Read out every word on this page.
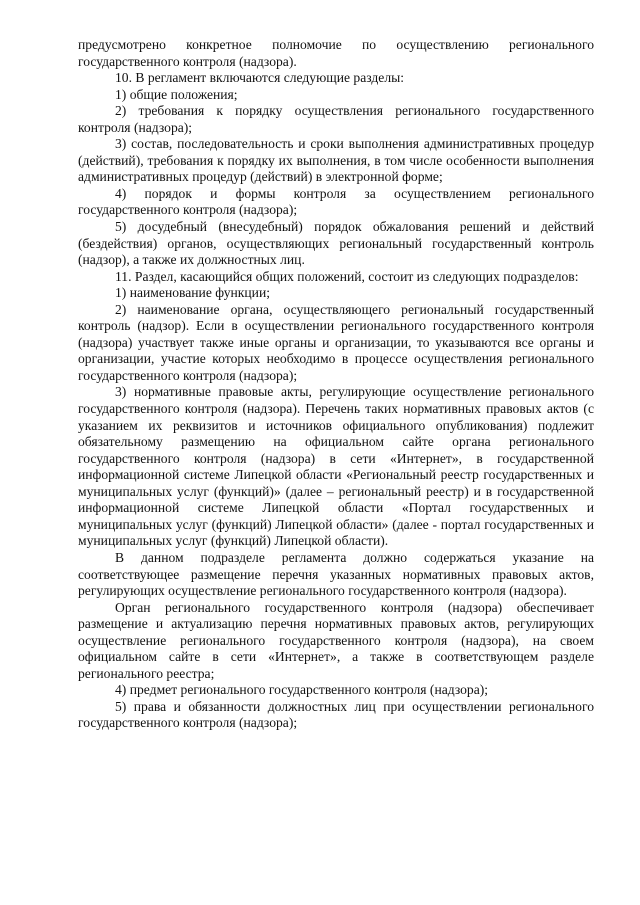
предусмотрено конкретное полномочие по осуществлению регионального государственного контроля (надзора).

10. В регламент включаются следующие разделы:

1) общие положения;

2) требования к порядку осуществления регионального государственного контроля (надзора);

3) состав, последовательность и сроки выполнения административных процедур (действий), требования к порядку их выполнения, в том числе особенности выполнения административных процедур (действий) в электронной форме;

4) порядок и формы контроля за осуществлением регионального государственного контроля (надзора);

5) досудебный (внесудебный) порядок обжалования решений и действий (бездействия) органов, осуществляющих региональный государственный контроль (надзор), а также их должностных лиц.

11. Раздел, касающийся общих положений, состоит из следующих подразделов:

1) наименование функции;

2) наименование органа, осуществляющего региональный государственный контроль (надзор). Если в осуществлении регионального государственного контроля (надзора) участвует также иные органы и организации, то указываются все органы и организации, участие которых необходимо в процессе осуществления регионального государственного контроля (надзора);

3) нормативные правовые акты, регулирующие осуществление регионального государственного контроля (надзора). Перечень таких нормативных правовых актов (с указанием их реквизитов и источников официального опубликования) подлежит обязательному размещению на официальном сайте органа регионального государственного контроля (надзора) в сети «Интернет», в государственной информационной системе Липецкой области «Региональный реестр государственных и муниципальных услуг (функций)» (далее – региональный реестр) и в государственной информационной системе Липецкой области «Портал государственных и муниципальных услуг (функций) Липецкой области» (далее - портал государственных и муниципальных услуг (функций) Липецкой области).

В данном подразделе регламента должно содержаться указание на соответствующее размещение перечня указанных нормативных правовых актов, регулирующих осуществление регионального государственного контроля (надзора).

Орган регионального государственного контроля (надзора) обеспечивает размещение и актуализацию перечня нормативных правовых актов, регулирующих осуществление регионального государственного контроля (надзора), на своем официальном сайте в сети «Интернет», а также в соответствующем разделе регионального реестра;

4) предмет регионального государственного контроля (надзора);

5) права и обязанности должностных лиц при осуществлении регионального государственного контроля (надзора);
